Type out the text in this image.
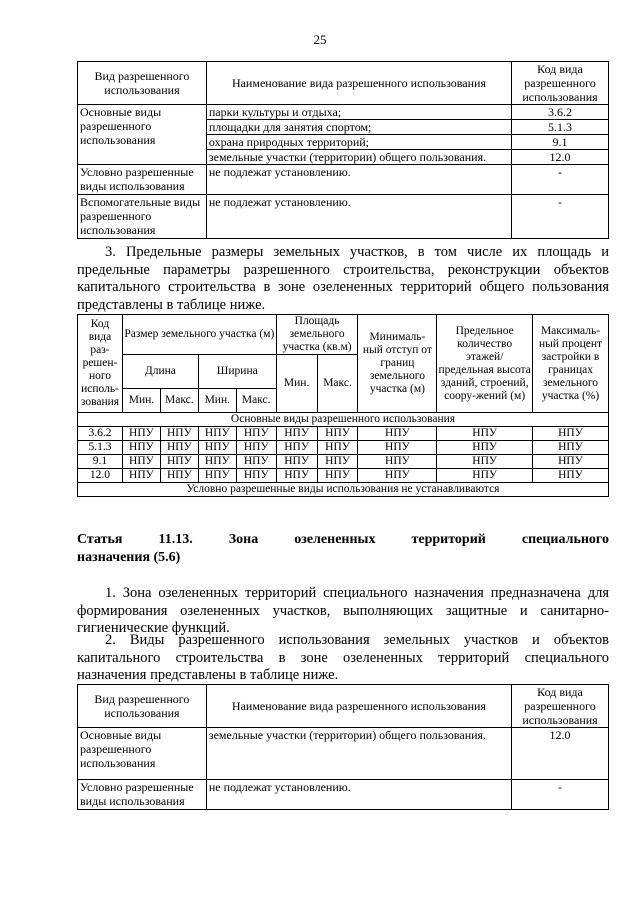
25
Вид разрешенного использования	Наименование вида разрешенного использования	Код вида разрешенного использования
Основные виды разрешенного использования	парки культуры и отдыха;	3.6.2
	площадки для занятия спортом;	5.1.3
	охрана природных территорий;	9.1
	земельные участки (территории) общего пользования.	12.0
Условно разрешенные виды использования	не подлежат установлению.	-
Вспомогательные виды разрешенного использования	не подлежат установлению.	-
3. Предельные размеры земельных участков, в том числе их площадь и предельные параметры разрешенного строительства, реконструкции объектов капитального строительства в зоне озелененных территорий общего пользования представлены в таблице ниже.
Код вида раз-решен-ного исполь-зования	Размер земельного участка (м)				Площадь земельного участка (кв.м)		Минималь-ный отступ от границ земельного участка (м)	Предельное количество этажей/ предельная высота зданий, строений, соору-жений (м)	Максималь-ный процент застройки в границах земельного участка (%)
	Длина		Ширина		Мин.	Макс.			
	Мин.	Макс.	Мин.	Макс.					
Основные виды разрешенного использования									
3.6.2	НПУ	НПУ	НПУ	НПУ	НПУ	НПУ	НПУ	НПУ	НПУ
5.1.3	НПУ	НПУ	НПУ	НПУ	НПУ	НПУ	НПУ	НПУ	НПУ
9.1	НПУ	НПУ	НПУ	НПУ	НПУ	НПУ	НПУ	НПУ	НПУ
12.0	НПУ	НПУ	НПУ	НПУ	НПУ	НПУ	НПУ	НПУ	НПУ
Условно разрешенные виды использования не устанавливаются									
Статья	11.13.	Зона	озелененных	территорий	специального
назначения (5.6)
1. Зона озелененных территорий специального назначения предназначена для формирования озелененных участков, выполняющих защитные и санитарно-гигиенические функций.
2. Виды разрешенного использования земельных участков и объектов капитального строительства в зоне озелененных территорий специального назначения представлены в таблице ниже.
Вид разрешенного использования	Наименование вида разрешенного использования	Код вида разрешенного использования
Основные виды разрешенного использования	земельные участки (территории) общего пользования.	12.0
Условно разрешенные виды использования	не подлежат установлению.	-
